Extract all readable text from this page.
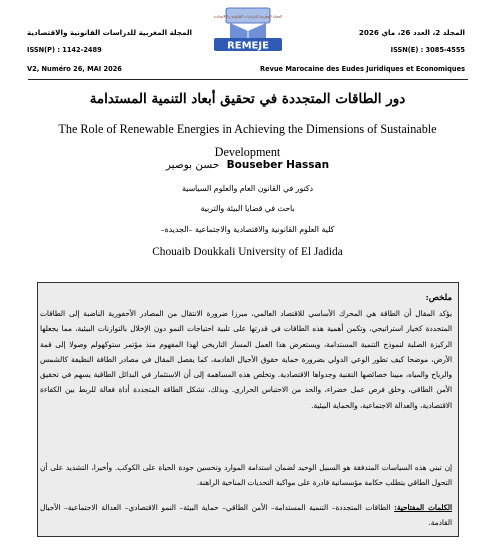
المجلة المغربية للدراسات القانونية والاقتصادية	المجلد 2، العدد 26، ماي 2026
ISSN(P) : 1142-2489	ISSN(E) : 3085-4555
V2, Numéro 26, MAI 2026	Revue Marocaine des Eudes Juridiques et Economiques
REMEJE
المجلة المغربية للدراسات القانونية والاقتصادية
دور الطاقات المتجددة في تحقيق أبعاد التنمية المستدامة
The Role of Renewable Energies in Achieving the Dimensions of Sustainable Development
حسن بوصير Bouseber Hassan
دكتور في القانون العام والعلوم السياسية
باحث في قضايا البيئة والتربية
كلية العلوم القانونية والاقتصادية والاجتماعية –الجديدة–
Chouaib Doukkali University of El Jadida
ملخص:
يؤكد المقال أن الطاقة هي المحرك الأساسي للاقتصاد العالمي، مبرزا ضرورة الانتقال من المصادر الأحفورية الناضبة إلى الطاقات المتجددة كخيار استراتيجي، وتكمن أهمية هذه الطاقات في قدرتها على تلبية احتياجات النمو دون الإخلال بالتوازنات البيئية، مما يجعلها الركيزة الصلبة لنموذج التنمية المستدامة، ويستعرض هذا العمل المسار التاريخي لهذا المفهوم منذ مؤتمر ستوكهولم وصولا إلى قمة الأرض، موضحا كيف تطور الوعي الدولي بضرورة حماية حقوق الأجيال القادمة، كما يفصل المقال في مصادر الطاقة النظيفة كالشمس والرياح والمياه، مبينا خصائصها التقنية وجدواها الاقتصادية. وتخلص هذه المساهمة إلى أن الاستثمار في البدائل الطاقية يسهم في تحقيق الأمن الطاقي، وخلق فرص عمل خضراء، والحد من الاحتباس الحراري. وبذلك، تشكل الطاقة المتجددة أداة فعالة للربط بين الكفاءة الاقتصادية، والعدالة الاجتماعية، والحماية البيئية.
إن تبني هذه السياسات المتدفقة هو السبيل الوحيد لضمان استدامة الموارد وتحسين جودة الحياة على الكوكب. وأخيرا، التشديد على أن التحول الطاقي يتطلب حكامة مؤسساتية قادرة على مواكبة التحديات المناخية الراهنة.
الكلمات المفتاحية: الطاقات المتجددة– التنمية المستدامة– الأمن الطاقي– حماية البيئة– النمو الاقتصادي– العدالة الاجتماعية– الأجيال القادمة.
